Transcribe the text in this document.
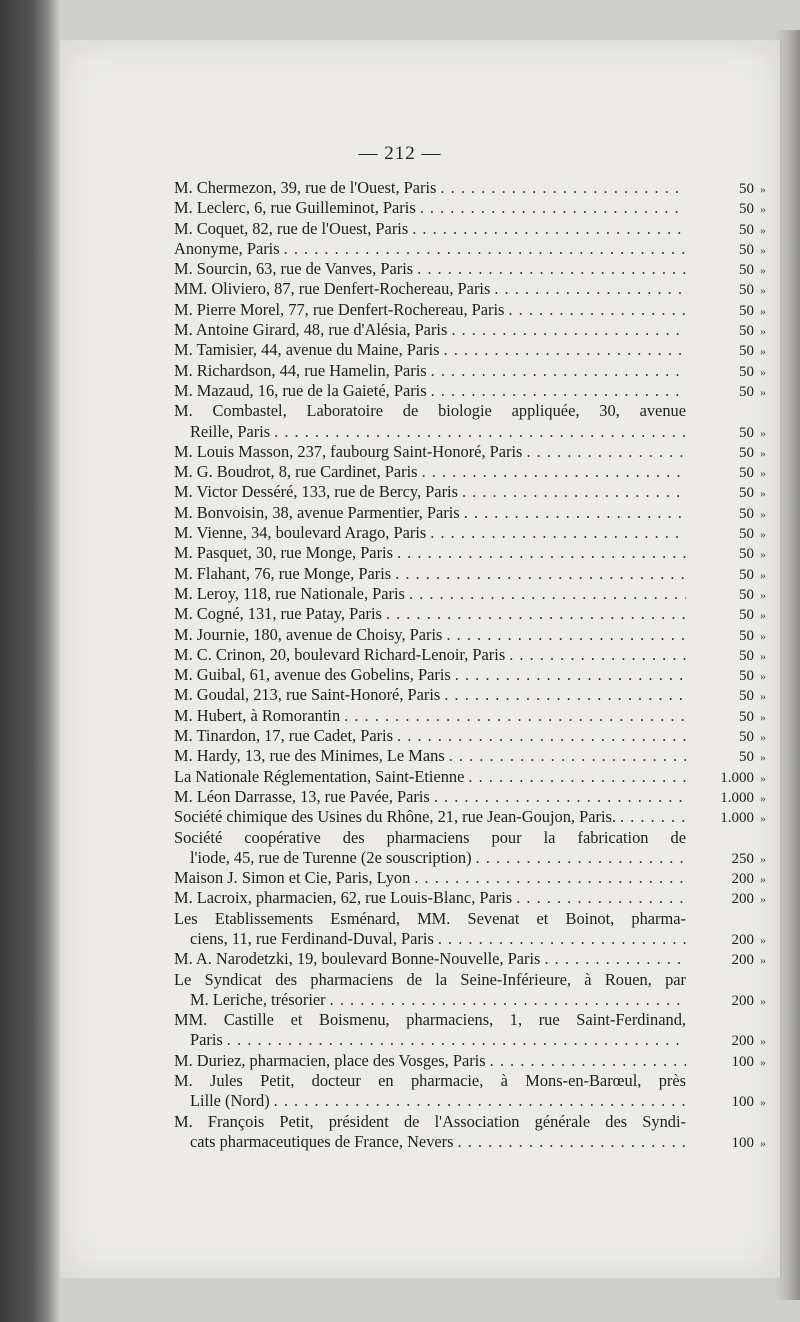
— 212 —
M. Chermezon, 39, rue de l'Ouest, Paris . . .	50 »
M. Leclerc, 6, rue Guilleminot, Paris . . .	50 »
M. Coquet, 82, rue de l'Ouest, Paris . . .	50 »
Anonyme, Paris . . .	50 »
M. Sourcin, 63, rue de Vanves, Paris . . .	50 »
MM. Oliviero, 87, rue Denfert-Rochereau, Paris . . .	50 »
M. Pierre Morel, 77, rue Denfert-Rochereau, Paris . . .	50 »
M. Antoine Girard, 48, rue d'Alésia, Paris . . .	50 »
M. Tamisier, 44, avenue du Maine, Paris . . .	50 »
M. Richardson, 44, rue Hamelin, Paris . . .	50 »
M. Mazaud, 16, rue de la Gaieté, Paris . . .	50 »
M. Combastel, Laboratoire de biologie appliquée, 30, avenue
Reille, Paris . . .	50 »
M. Louis Masson, 237, faubourg Saint-Honoré, Paris . . .	50 »
M. G. Boudrot, 8, rue Cardinet, Paris . . .	50 »
M. Victor Desséré, 133, rue de Bercy, Paris . . .	50 »
M. Bonvoisin, 38, avenue Parmentier, Paris . . .	50 »
M. Vienne, 34, boulevard Arago, Paris . . .	50 »
M. Pasquet, 30, rue Monge, Paris . . .	50 »
M. Flahant, 76, rue Monge, Paris . . .	50 »
M. Leroy, 118, rue Nationale, Paris . . .	50 »
M. Cogné, 131, rue Patay, Paris . . .	50 »
M. Journie, 180, avenue de Choisy, Paris . . .	50 »
M. C. Crinon, 20, boulevard Richard-Lenoir, Paris . . .	50 »
M. Guibal, 61, avenue des Gobelins, Paris . . .	50 »
M. Goudal, 213, rue Saint-Honoré, Paris . . .	50 »
M. Hubert, à Romorantin . . .	50 »
M. Tinardon, 17, rue Cadet, Paris . . .	50 »
M. Hardy, 13, rue des Minimes, Le Mans . . .	50 »
La Nationale Réglementation, Saint-Etienne . . .	1.000 »
M. Léon Darrasse, 13, rue Pavée, Paris . . .	1.000 »
Société chimique des Usines du Rhône, 21, rue Jean-Goujon, Paris. . . .	1.000 »
Société coopérative des pharmaciens pour la fabrication de
l'iode, 45, rue de Turenne (2e souscription) . . .	250 »
Maison J. Simon et Cie, Paris, Lyon . . .	200 »
M. Lacroix, pharmacien, 62, rue Louis-Blanc, Paris . . .	200 »
Les Etablissements Esménard, MM. Sevenat et Boinot, pharma-
ciens, 11, rue Ferdinand-Duval, Paris . . .	200 »
M. A. Narodetzki, 19, boulevard Bonne-Nouvelle, Paris . . .	200 »
Le Syndicat des pharmaciens de la Seine-Inférieure, à Rouen, par
M. Leriche, trésorier . . .	200 »
MM. Castille et Boismenu, pharmaciens, 1, rue Saint-Ferdinand,
Paris . . .	200 »
M. Duriez, pharmacien, place des Vosges, Paris . . .	100 »
M. Jules Petit, docteur en pharmacie, à Mons-en-Barœul, près
Lille (Nord) . . .	100 »
M. François Petit, président de l'Association générale des Syndi-
cats pharmaceutiques de France, Nevers . . .	100 »
